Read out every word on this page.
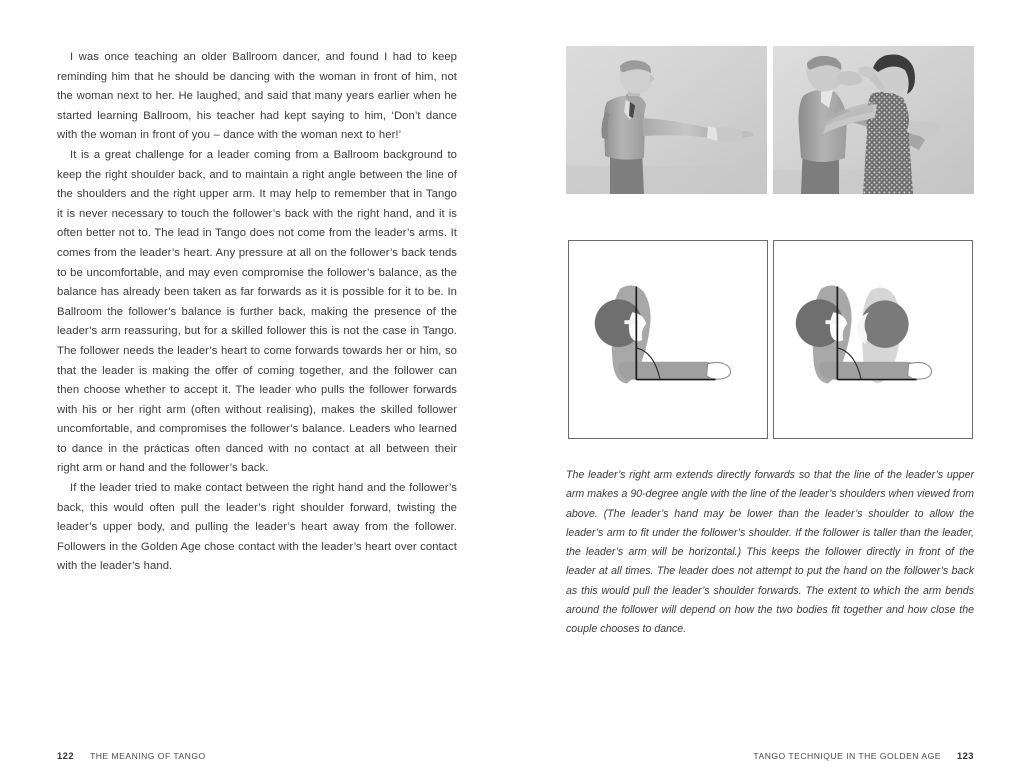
I was once teaching an older Ballroom dancer, and found I had to keep reminding him that he should be dancing with the woman in front of him, not the woman next to her. He laughed, and said that many years earlier when he started learning Ballroom, his teacher had kept saying to him, ‘Don’t dance with the woman in front of you – dance with the woman next to her!’

It is a great challenge for a leader coming from a Ballroom background to keep the right shoulder back, and to maintain a right angle between the line of the shoulders and the right upper arm. It may help to remember that in Tango it is never necessary to touch the follower’s back with the right hand, and it is often better not to. The lead in Tango does not come from the leader’s arms. It comes from the leader’s heart. Any pressure at all on the follower’s back tends to be uncomfortable, and may even compromise the follower’s balance, as the balance has already been taken as far forwards as it is possible for it to be. In Ballroom the follower’s balance is further back, making the presence of the leader’s arm reassuring, but for a skilled follower this is not the case in Tango. The follower needs the leader’s heart to come forwards towards her or him, so that the leader is making the offer of coming together, and the follower can then choose whether to accept it. The leader who pulls the follower forwards with his or her right arm (often without realising), makes the skilled follower uncomfortable, and compromises the follower’s balance. Leaders who learned to dance in the prácticas often danced with no contact at all between their right arm or hand and the follower’s back.

If the leader tried to make contact between the right hand and the follower’s back, this would often pull the leader’s right shoulder forward, twisting the leader’s upper body, and pulling the leader’s heart away from the follower. Followers in the Golden Age chose contact with the leader’s heart over contact with the leader’s hand.

The leader’s right arm extends directly forwards so that the line of the leader’s upper arm makes a 90-degree angle with the line of the leader’s shoulders when viewed from above. (The leader’s hand may be lower than the leader’s shoulder to allow the leader’s arm to fit under the follower’s shoulder. If the follower is taller than the leader, the leader’s arm will be horizontal.) This keeps the follower directly in front of the leader at all times. The leader does not attempt to put the hand on the follower’s back as this would pull the leader’s shoulder forwards. The extent to which the arm bends around the follower will depend on how the two bodies fit together and how close the couple chooses to dance.

122 THE MEANING OF TANGO	TANGO TECHNIQUE IN THE GOLDEN AGE 123
